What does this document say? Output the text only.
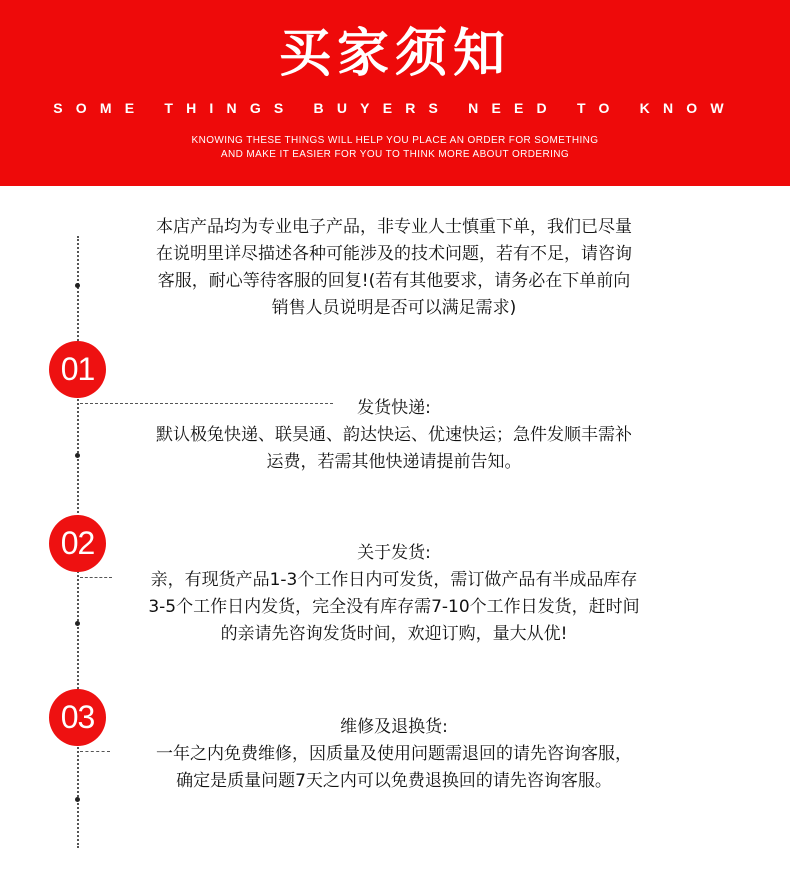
买家须知
SOME THINGS BUYERS NEED TO KNOW
KNOWING THESE THINGS WILL HELP YOU PLACE AN ORDER FOR SOMETHING
AND MAKE IT EASIER FOR YOU TO THINK MORE ABOUT ORDERING
本店产品均为专业电子产品，非专业人士慎重下单，我们已尽量
在说明里详尽描述各种可能涉及的技术问题，若有不足，请咨询
客服，耐心等待客服的回复!(若有其他要求，请务必在下单前向
销售人员说明是否可以满足需求)
01
发货快递:
默认极兔快递、联昊通、韵达快运、优速快运；急件发顺丰需补
运费，若需其他快递请提前告知。
02	关于发货:
亲，有现货产品1-3个工作日内可发货，需订做产品有半成品库存
3-5个工作日内发货，完全没有库存需7-10个工作日发货，赶时间
的亲请先咨询发货时间，欢迎订购，量大从优!
03	维修及退换货:
一年之内免费维修，因质量及使用问题需退回的请先咨询客服，
确定是质量问题7天之内可以免费退换回的请先咨询客服。
